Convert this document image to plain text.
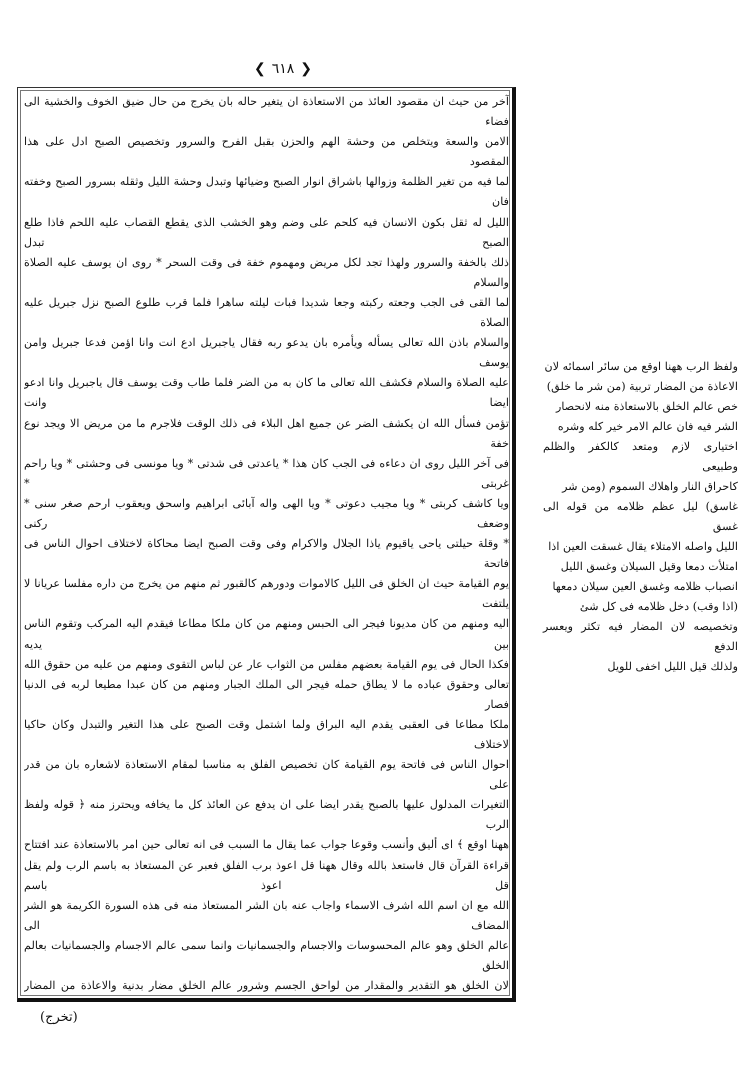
❮ ٦١٨ ❯

آخر من حيث ان مقصود العائذ من الاستعاذة ان يتغير حاله بان يخرج من حال ضيق الخوف والخشية الى فضاء

الامن والسعة ويتخلص من وحشة الهم والحزن بقبل الفرح والسرور وتخصيص الصبح ادل على هذا المقصود

لما فيه من تغير الظلمة وزوالها باشراق انوار الصبح وضيائها وتبدل وحشة الليل وثقله بسرور الصبح وخفته فان

الليل له ثقل بكون الانسان فيه كلحم على وضم وهو الخشب الذى يقطع القصاب عليه اللحم فاذا طلع الصبح تبدل

ذلك بالخفة والسرور ولهذا تجد لكل مريض ومهموم خفة فى وقت السحر * روى ان يوسف عليه الصلاة والسلام

لما القى فى الجب وجعته ركبته وجعا شديدا فبات ليلته ساهرا فلما قرب طلوع الصبح نزل جبريل عليه الصلاة

والسلام باذن الله تعالى يسأله ويأمره بان يدعو ربه فقال ياجبريل ادع انت وانا اؤمن فدعا جبريل وامن يوسف

عليه الصلاة والسلام فكشف الله تعالى ما كان به من الضر فلما طاب وقت يوسف قال ياجبريل وانا ادعو ايضا وانت

تؤمن فسأل الله ان يكشف الضر عن جميع اهل البلاء فى ذلك الوقت فلاجرم ما من مريض الا ويجد نوع خفة

فى آخر الليل روى ان دعاءه فى الجب كان هذا * ياعدتى فى شدتى * ويا مونسى فى وحشتى * ويا راحم غربتى *

ويا كاشف كربتى * ويا مجيب دعوتى * ويا الهى واله آبائى ابراهيم واسحق ويعقوب ارحم صغر سنى * وضعف ركنى

* وقلة حيلتى ياحى ياقيوم ياذا الجلال والاكرام وفى وقت الصبح ايضا محاكاة لاختلاف احوال الناس فى فاتحة

يوم القيامة حيث ان الخلق فى الليل كالاموات ودورهم كالقبور ثم منهم من يخرج من داره مفلسا عريانا لا يلتفت

اليه ومنهم من كان مديونا فيجر الى الحبس ومنهم من كان ملكا مطاعا فيقدم اليه المركب وتقوم الناس بين يديه

فكذا الحال فى يوم القيامة بعضهم مفلس من الثواب عار عن لباس التقوى ومنهم من عليه من حقوق الله

تعالى وحقوق عباده ما لا يطاق حمله فيجر الى الملك الجبار ومنهم من كان عبدا مطيعا لربه فى الدنيا فصار

ملكا مطاعا فى العقبى يقدم اليه البراق ولما اشتمل وقت الصبح على هذا التغير والتبدل وكان حاكيا لاختلاف

احوال الناس فى فاتحة يوم القيامة كان تخصيص الفلق به مناسبا لمقام الاستعاذة لاشعاره بان من قدر على

التغيرات المدلول عليها بالصبح يقدر ايضا على ان يدفع عن العائذ كل ما يخافه ويحترز منه ﴿ قوله ولفظ الرب

ههنا اوقع ﴾ اى أليق وأنسب وقوعا جواب عما يقال ما السبب فى انه تعالى حين امر بالاستعاذة عند افتتاح

قراءة القرآن قال فاستعذ بالله وقال ههنا قل اعوذ برب الفلق فعبر عن المستعاذ به باسم الرب ولم يقل قل اعوذ باسم

الله مع ان اسم الله اشرف الاسماء واجاب عنه بان الشر المستعاذ منه فى هذه السورة الكريمة هو الشر المضاف الى

عالم الخلق وهو عالم المحسوسات والاجسام والجسمانيات وانما سمى عالم الاجسام والجسمانيات بعالم الخلق

لان الخلق هو التقدير والمقدار من لواحق الجسم وشرور عالم الخلق مضار بدنية والاعاذة من المضار

ولفظ الرب ههنا اوقع من سائر اسمائه لان

الاعاذة من المضار تربية (من شر ما خلق)

خص عالم الخلق بالاستعاذة منه لانحصار

الشر فيه فان عالم الامر خير كله وشره

اختيارى لازم ومتعد كالكفر والظلم وطبيعى

كاحراق النار واهلاك السموم (ومن شر

غاسق) ليل عظم ظلامه من قوله الى غسق

الليل واصله الامتلاء يقال غسقت العين اذا

امتلأت دمعا وقيل السيلان وغسق الليل

انصباب ظلامه وغسق العين سيلان دمعها

(اذا وقب) دخل ظلامه فى كل شئ

وتخصيصه لان المضار فيه تكثر ويعسر الدفع

ولذلك قيل الليل اخفى للويل

(تخرج)
